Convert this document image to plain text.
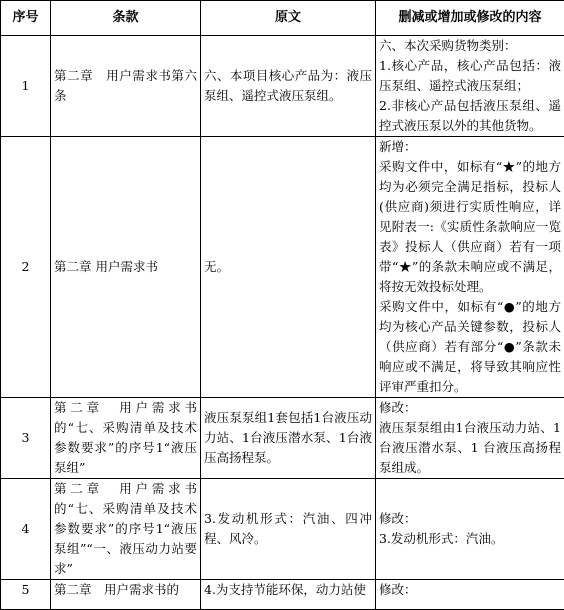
序号	条款	原文	删减或增加或修改的内容
1	第二章　用户需求书第六条	六、本项目核心产品为：液压泵组、遥控式液压泵组。	六、本次采购货物类别：
1.核心产品，核心产品包括：液压泵组、遥控式液压泵组；
2.非核心产品包括液压泵组、遥控式液压泵以外的其他货物。

2	第二章 用户需求书	无。	新增：
采购文件中，如标有“★”的地方均为必须完全满足指标，投标人(供应商)须进行实质性响应，详见附表一:《实质性条款响应一览表》投标人（供应商）若有一项带“★”的条款未响应或不满足，将按无效投标处理。
采购文件中，如标有“●”的地方均为核心产品关键参数，投标人（供应商）若有部分“●”条款未响应或不满足，将导致其响应性评审严重扣分。

3	第二章　用户需求书的“七、采购清单及技术参数要求”的序号1“液压泵组”	液压泵泵组1套包括1台液压动力站、1台液压潜水泵、1台液压高扬程泵。	修改：
液压泵泵组由1台液压动力站、1 台液压潜水泵、1 台液压高扬程泵组成。

4	第二章　用户需求书的“七、采购清单及技术参数要求”的序号1“液压泵组”“一、液压动力站要求”	3.发动机形式：汽油、四冲程、风冷。	修改：
3.发动机形式：汽油。

5	第二章　用户需求书的	4.为支持节能环保，动力站使	修改：
